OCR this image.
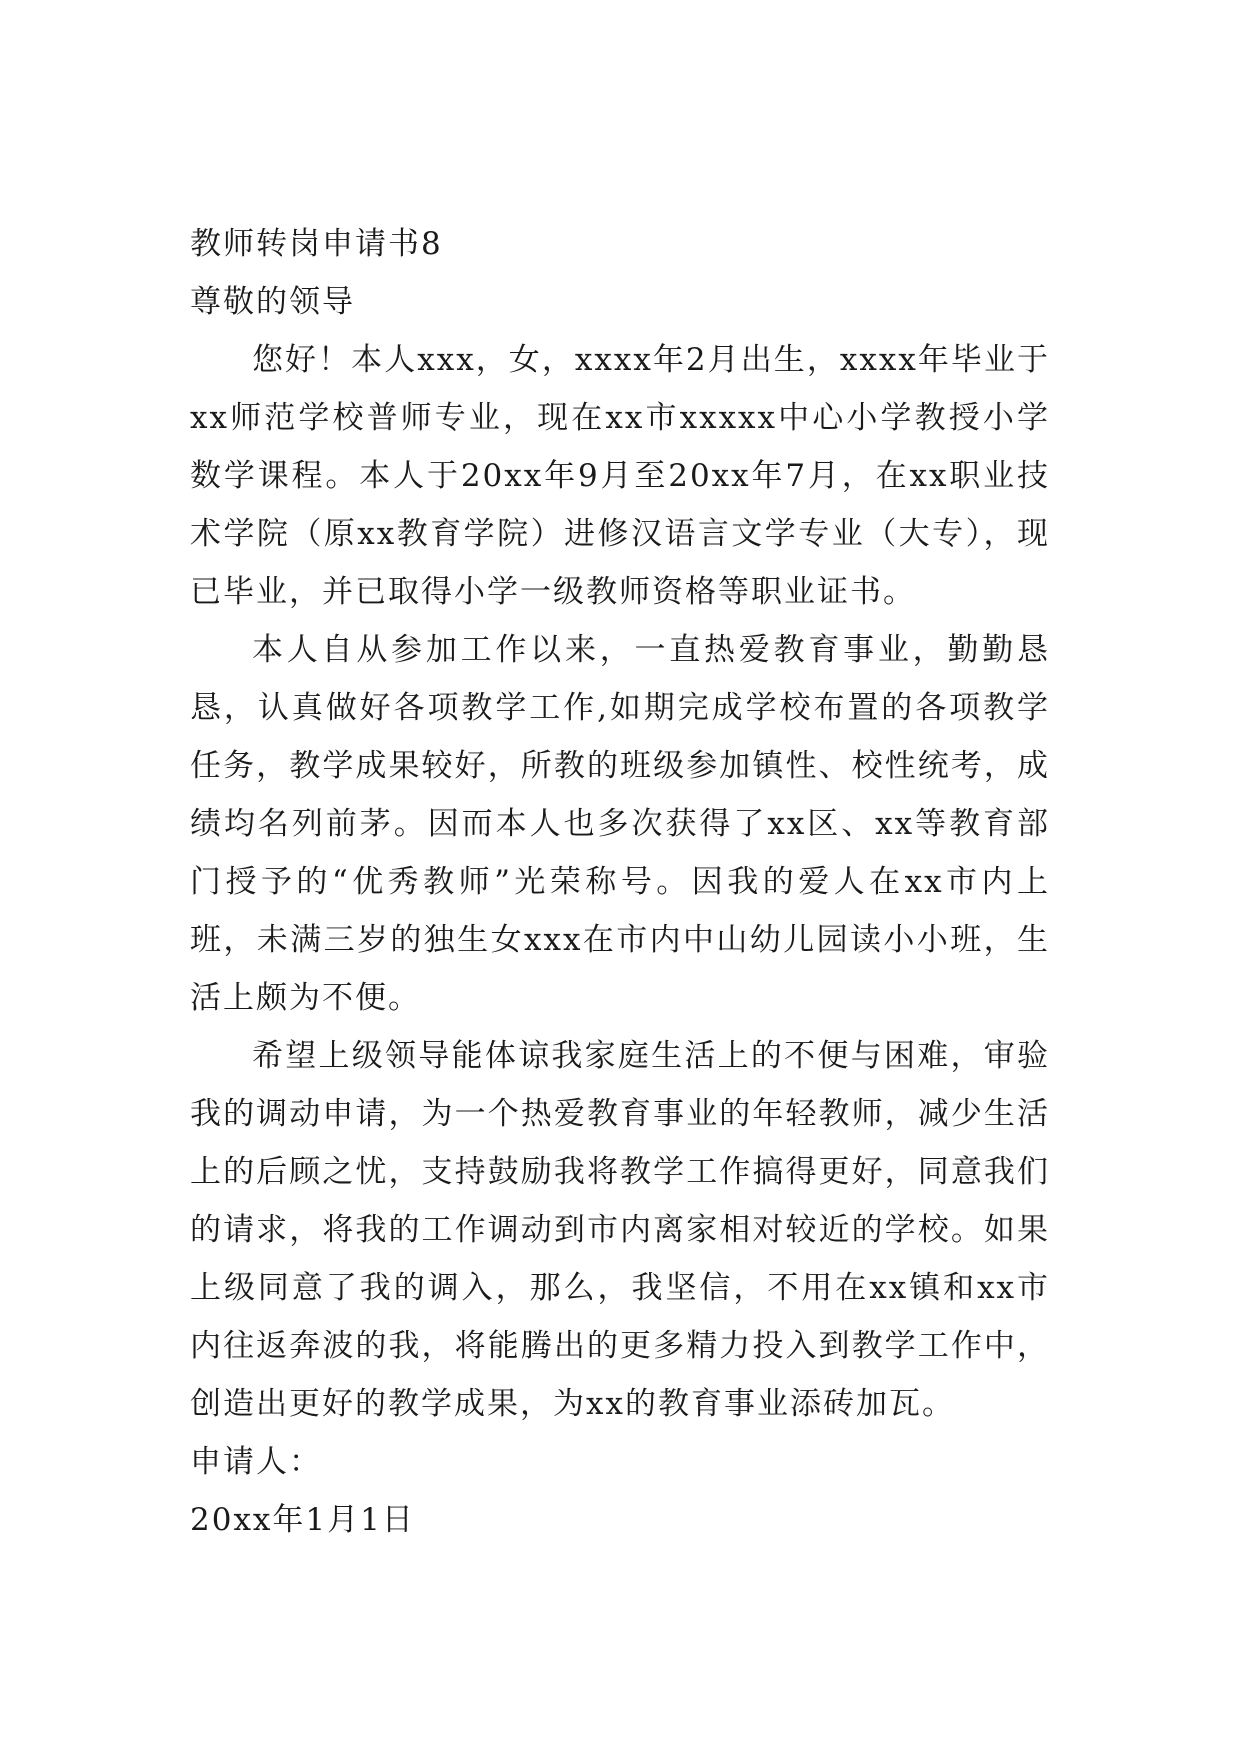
教师转岗申请书8

尊敬的领导

您好！本人xxx，女，xxxx年2月出生，xxxx年毕业于xx师范学校普师专业，现在xx市xxxxx中心小学教授小学数学课程。本人于20xx年9月至20xx年7月，在xx职业技术学院（原xx教育学院）进修汉语言文学专业（大专），现已毕业，并已取得小学一级教师资格等职业证书。

本人自从参加工作以来，一直热爱教育事业，勤勤恳恳，认真做好各项教学工作,如期完成学校布置的各项教学任务，教学成果较好，所教的班级参加镇性、校性统考，成绩均名列前茅。因而本人也多次获得了xx区、xx等教育部门授予的“优秀教师”光荣称号。因我的爱人在xx市内上班，未满三岁的独生女xxx在市内中山幼儿园读小小班，生活上颇为不便。

希望上级领导能体谅我家庭生活上的不便与困难，审验我的调动申请，为一个热爱教育事业的年轻教师，减少生活上的后顾之忧，支持鼓励我将教学工作搞得更好，同意我们的请求，将我的工作调动到市内离家相对较近的学校。如果上级同意了我的调入，那么，我坚信，不用在xx镇和xx市内往返奔波的我，将能腾出的更多精力投入到教学工作中，创造出更好的教学成果，为xx的教育事业添砖加瓦。

申请人：

20xx年1月1日
